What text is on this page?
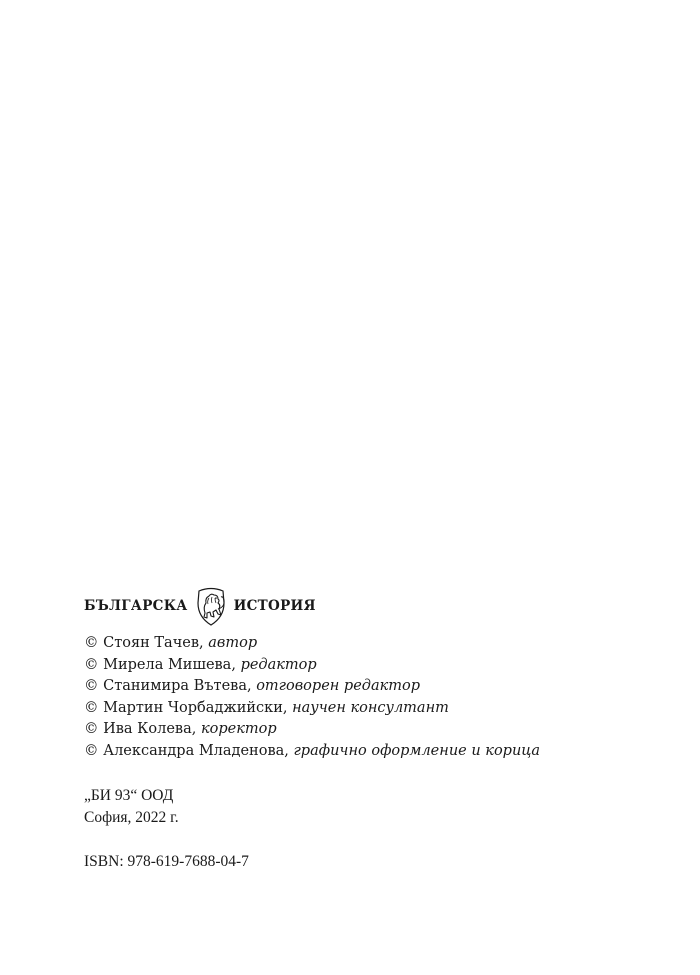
БЪЛГАРСКА	ИСТОРИЯ
© Стоян Тачев, автор
© Мирела Мишева, редактор
© Станимира Вътева, отговорен редактор
© Мартин Чорбаджийски, научен консултант
© Ива Колева, коректор
© Александра Младенова, графично оформление и корица
„БИ 93“ ООД
София, 2022 г.
ISBN: 978-619-7688-04-7
